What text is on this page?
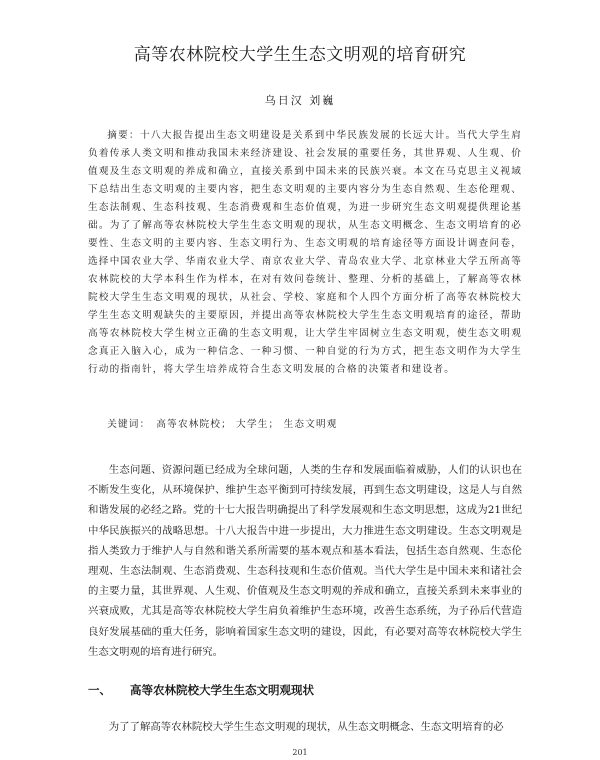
高等农林院校大学生生态文明观的培育研究
乌日汉 刘巍

摘要：十八大报告提出生态文明建设是关系到中华民族发展的长远大计。当代大学生肩负着传承人类文明和推动我国未来经济建设、社会发展的重要任务，其世界观、人生观、价值观及生态文明观的养成和确立，直接关系到中国未来的民族兴衰。本文在马克思主义视域下总结出生态文明观的主要内容，把生态文明观的主要内容分为生态自然观、生态伦理观、生态法制观、生态科技观、生态消费观和生态价值观，为进一步研究生态文明观提供理论基础。为了了解高等农林院校大学生生态文明观的现状，从生态文明概念、生态文明培育的必要性、生态文明的主要内容、生态文明行为、生态文明观的培育途径等方面设计调查问卷，选择中国农业大学、华南农业大学、南京农业大学、青岛农业大学、北京林业大学五所高等农林院校的大学本科生作为样本，在对有效问卷统计、整理、分析的基础上，了解高等农林院校大学生生态文明观的现状，从社会、学校、家庭和个人四个方面分析了高等农林院校大学生生态文明观缺失的主要原因，并提出高等农林院校大学生生态文明观培育的途径，帮助高等农林院校大学生树立正确的生态文明观，让大学生牢固树立生态文明观，使生态文明观念真正入脑入心，成为一种信念、一种习惯、一种自觉的行为方式，把生态文明作为大学生行动的指南针，将大学生培养成符合生态文明发展的合格的决策者和建设者。

关键词： 高等农林院校； 大学生； 生态文明观

生态问题、资源问题已经成为全球问题，人类的生存和发展面临着威胁，人们的认识也在不断发生变化，从环境保护、维护生态平衡到可持续发展，再到生态文明建设，这是人与自然和谐发展的必经之路。党的十七大报告明确提出了科学发展观和生态文明思想，这成为21世纪中华民族振兴的战略思想。十八大报告中进一步提出，大力推进生态文明建设。生态文明观是指人类致力于维护人与自然和谐关系所需要的基本观点和基本看法，包括生态自然观、生态伦理观、生态法制观、生态消费观、生态科技观和生态价值观。当代大学生是中国未来和诸社会的主要力量，其世界观、人生观、价值观及生态文明观的养成和确立，直接关系到未来事业的兴衰成败，尤其是高等农林院校大学生肩负着维护生态环境，改善生态系统，为子孙后代营造良好发展基础的重大任务，影响着国家生态文明的建设，因此，有必要对高等农林院校大学生生态文明观的培育进行研究。

一、 高等农林院校大学生生态文明观现状

为了了解高等农林院校大学生生态文明观的现状，从生态文明概念、生态文明培育的必

201
